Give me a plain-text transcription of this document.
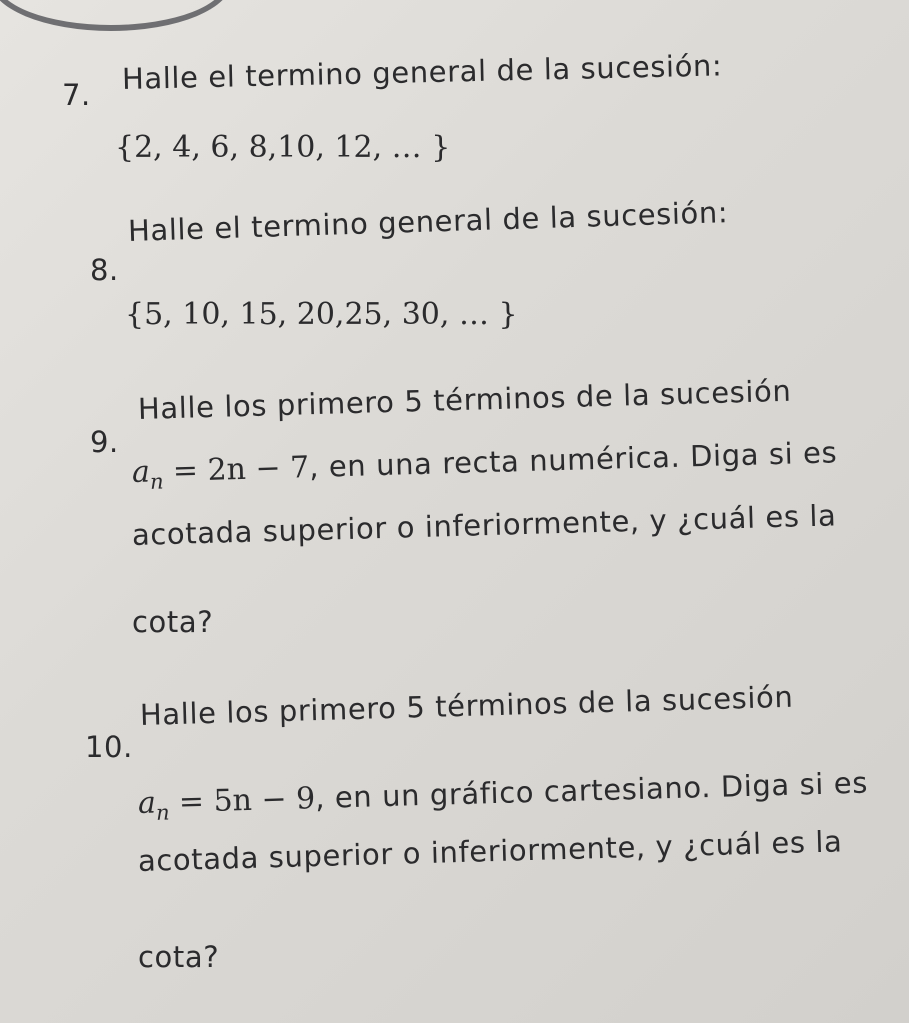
7. Halle el termino general de la sucesión:
{2, 4, 6, 8,10, 12, … }
8.
Halle el termino general de la sucesión:
{5, 10, 15, 20,25, 30, … }
9.
Halle los primero 5 términos de la sucesión
$a_n = 2n - 7$, en una recta numérica. Diga si es
acotada superior o inferiormente, y ¿cuál es la
cota?
10.
Halle los primero 5 términos de la sucesión
$a_n = 5n - 9$, en un gráfico cartesiano. Diga si es
acotada superior o inferiormente, y ¿cuál es la
cota?
